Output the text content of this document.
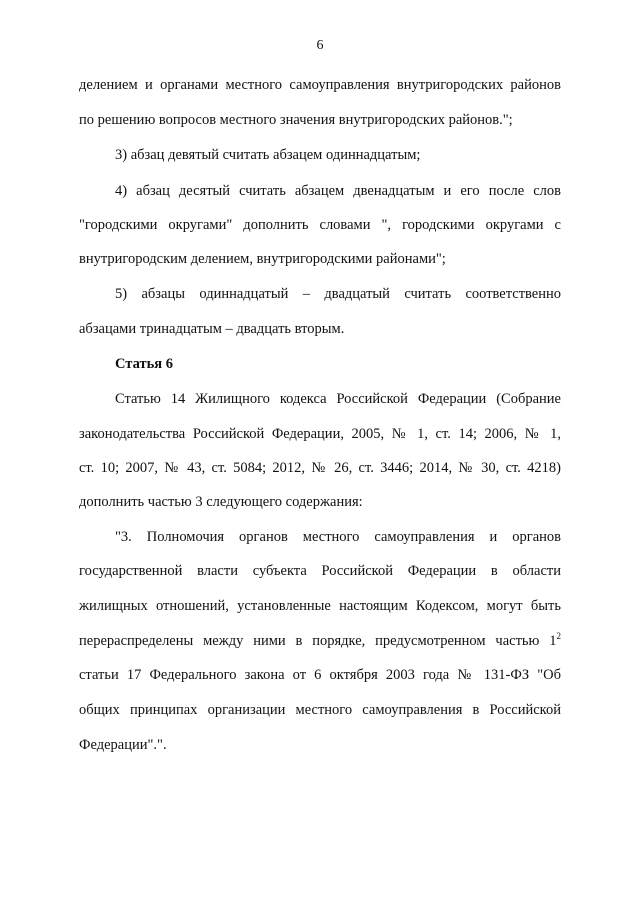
6
делением и органами местного самоуправления внутригородских районов
по решению вопросов местного значения внутригородских районов.";
3) абзац девятый считать абзацем одиннадцатым;
4) абзац десятый считать абзацем двенадцатым и его после слов
"городскими округами" дополнить словами ", городскими округами с
внутригородским делением, внутригородскими районами";
5) абзацы одиннадцатый – двадцатый считать соответственно
абзацами тринадцатым – двадцать вторым.
Статья 6
Статью 14 Жилищного кодекса Российской Федерации (Собрание
законодательства Российской Федерации, 2005, № 1, ст. 14; 2006, № 1,
ст. 10; 2007, № 43, ст. 5084; 2012, № 26, ст. 3446; 2014, № 30, ст. 4218)
дополнить частью 3 следующего содержания:
"3. Полномочия органов местного самоуправления и органов
государственной власти субъекта Российской Федерации в области
жилищных отношений, установленные настоящим Кодексом, могут быть
перераспределены между ними в порядке, предусмотренном частью $1^2$
статьи 17 Федерального закона от 6 октября 2003 года № 131-ФЗ "Об
общих принципах организации местного самоуправления в Российской
Федерации".".
